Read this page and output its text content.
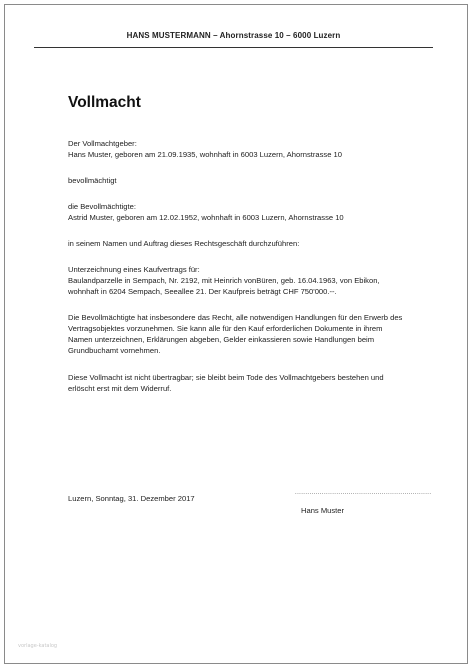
HANS MUSTERMANN – Ahornstrasse 10 – 6000 Luzern
Vollmacht
Der Vollmachtgeber:
Hans Muster, geboren am 21.09.1935, wohnhaft in 6003 Luzern, Ahornstrasse 10
bevollmächtigt
die Bevollmächtigte:
Astrid Muster, geboren am 12.02.1952, wohnhaft in 6003 Luzern, Ahornstrasse 10
in seinem Namen und Auftrag dieses Rechtsgeschäft durchzuführen:
Unterzeichnung eines Kaufvertrags für:
Baulandparzelle in Sempach, Nr. 2192, mit Heinrich vonBüren, geb. 16.04.1963, von Ebikon,
wohnhaft in 6204 Sempach, Seeallee 21. Der Kaufpreis beträgt CHF 750'000.--.
Die Bevollmächtigte hat insbesondere das Recht, alle notwendigen Handlungen für den Erwerb des
Vertragsobjektes vorzunehmen. Sie kann alle für den Kauf erforderlichen Dokumente in ihrem
Namen unterzeichnen, Erklärungen abgeben, Gelder einkassieren sowie Handlungen beim
Grundbuchamt vornehmen.
Diese Vollmacht ist nicht übertragbar; sie bleibt beim Tode des Vollmachtgebers bestehen und
erlöscht erst mit dem Widerruf.
Luzern, Sonntag, 31. Dezember 2017
..................................................................
Hans Muster
vorlage-katalog
